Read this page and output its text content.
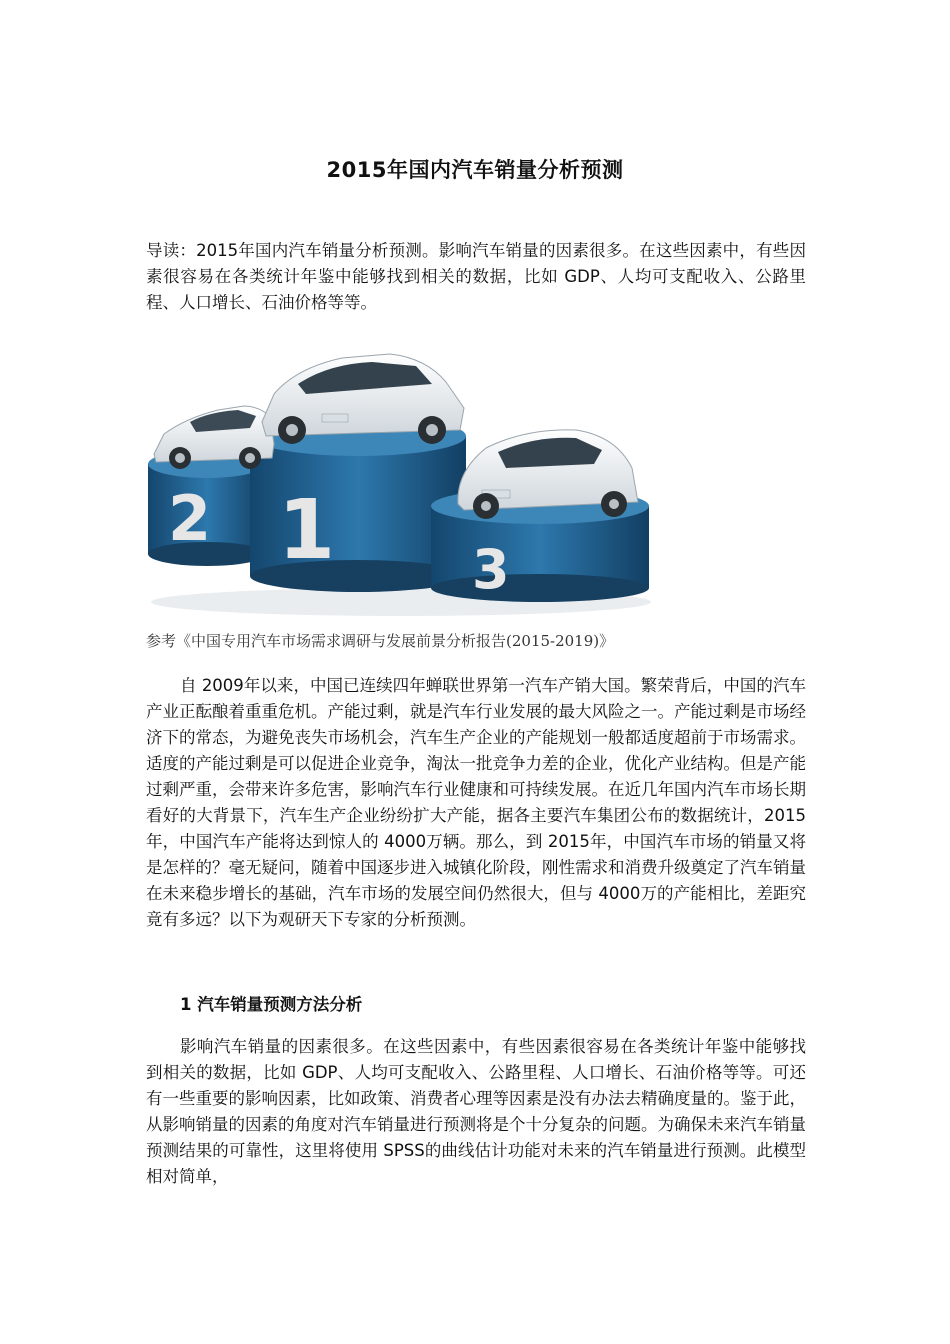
2015年国内汽车销量分析预测

导读：2015年国内汽车销量分析预测。影响汽车销量的因素很多。在这些因素中，有些因素很容易在各类统计年鉴中能够找到相关的数据，比如 GDP、人均可支配收入、公路里程、人口增长、石油价格等等。

2 1	3
参考《中国专用汽车市场需求调研与发展前景分析报告(2015-2019)》

自 2009年以来，中国已连续四年蝉联世界第一汽车产销大国。繁荣背后，中国的汽车产业正酝酿着重重危机。产能过剩，就是汽车行业发展的最大风险之一。产能过剩是市场经济下的常态，为避免丧失市场机会，汽车生产企业的产能规划一般都适度超前于市场需求。适度的产能过剩是可以促进企业竞争，淘汰一批竞争力差的企业，优化产业结构。但是产能过剩严重，会带来许多危害，影响汽车行业健康和可持续发展。在近几年国内汽车市场长期看好的大背景下，汽车生产企业纷纷扩大产能，据各主要汽车集团公布的数据统计，2015年，中国汽车产能将达到惊人的 4000万辆。那么，到 2015年，中国汽车市场的销量又将是怎样的？毫无疑问，随着中国逐步进入城镇化阶段，刚性需求和消费升级奠定了汽车销量在未来稳步增长的基础，汽车市场的发展空间仍然很大，但与 4000万的产能相比，差距究竟有多远？以下为观研天下专家的分析预测。

1 汽车销量预测方法分析

影响汽车销量的因素很多。在这些因素中，有些因素很容易在各类统计年鉴中能够找到相关的数据，比如 GDP、人均可支配收入、公路里程、人口增长、石油价格等等。可还有一些重要的影响因素，比如政策、消费者心理等因素是没有办法去精确度量的。鉴于此，从影响销量的因素的角度对汽车销量进行预测将是个十分复杂的问题。为确保未来汽车销量预测结果的可靠性，这里将使用 SPSS的曲线估计功能对未来的汽车销量进行预测。此模型相对简单，
